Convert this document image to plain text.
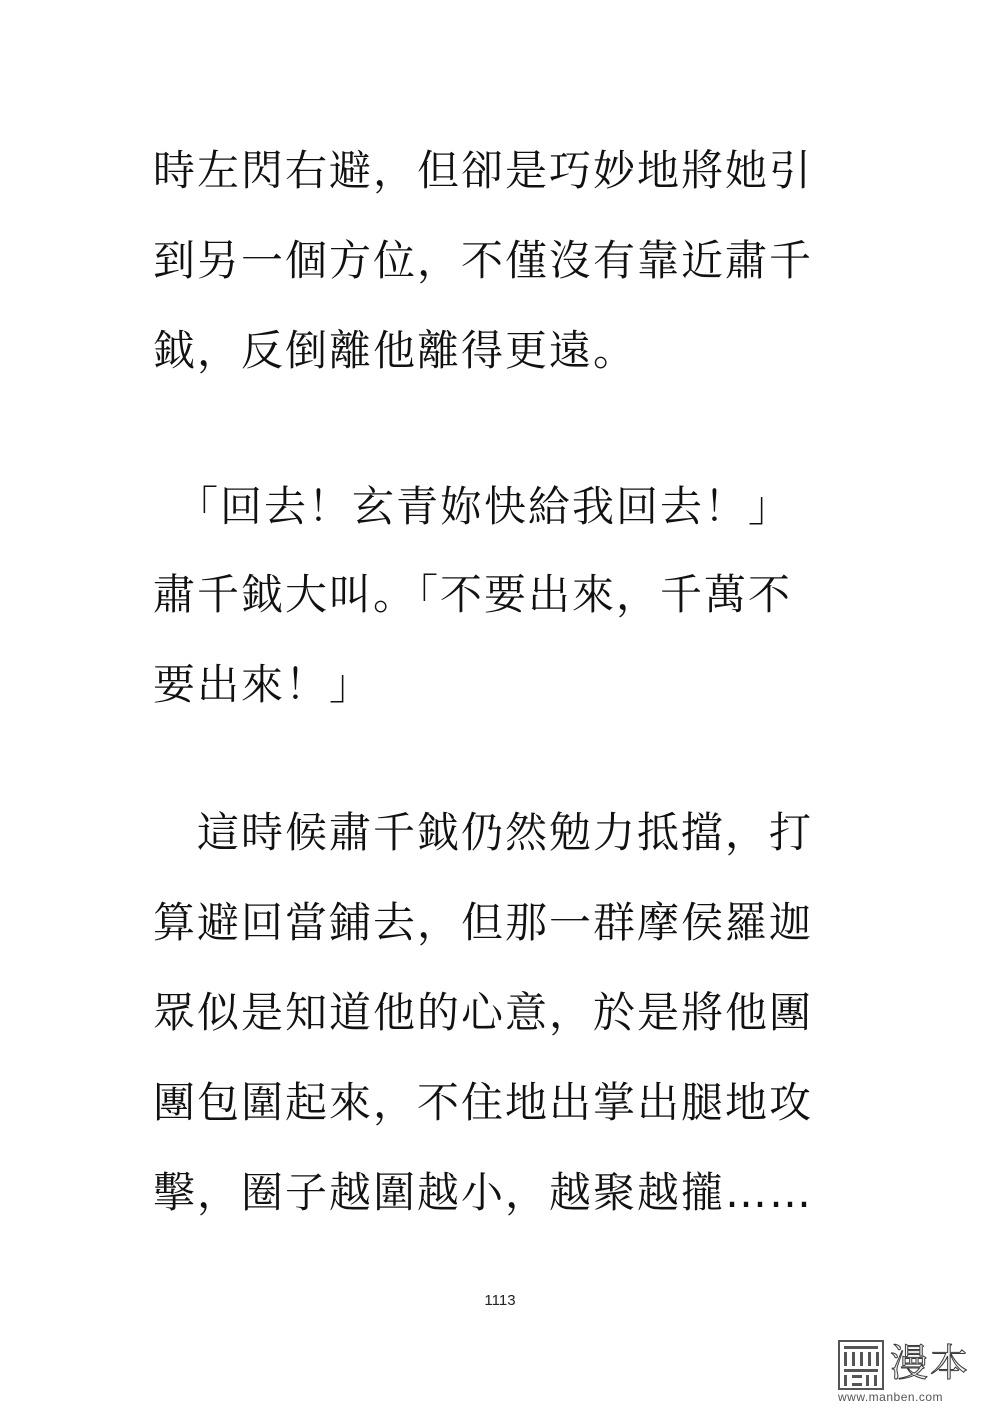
時左閃右避，但卻是巧妙地將她引
到另一個方位，不僅沒有靠近肅千
鉞，反倒離他離得更遠。
　「回去！玄青妳快給我回去！」
肅千鉞大叫。「不要出來，千萬不
要出來！」
　這時候肅千鉞仍然勉力抵擋，打
算避回當鋪去，但那一群摩侯羅迦
眾似是知道他的心意，於是將他團
團包圍起來，不住地出掌出腿地攻
擊，圈子越圍越小，越聚越攏……
1113
漫本
www.manben.com
